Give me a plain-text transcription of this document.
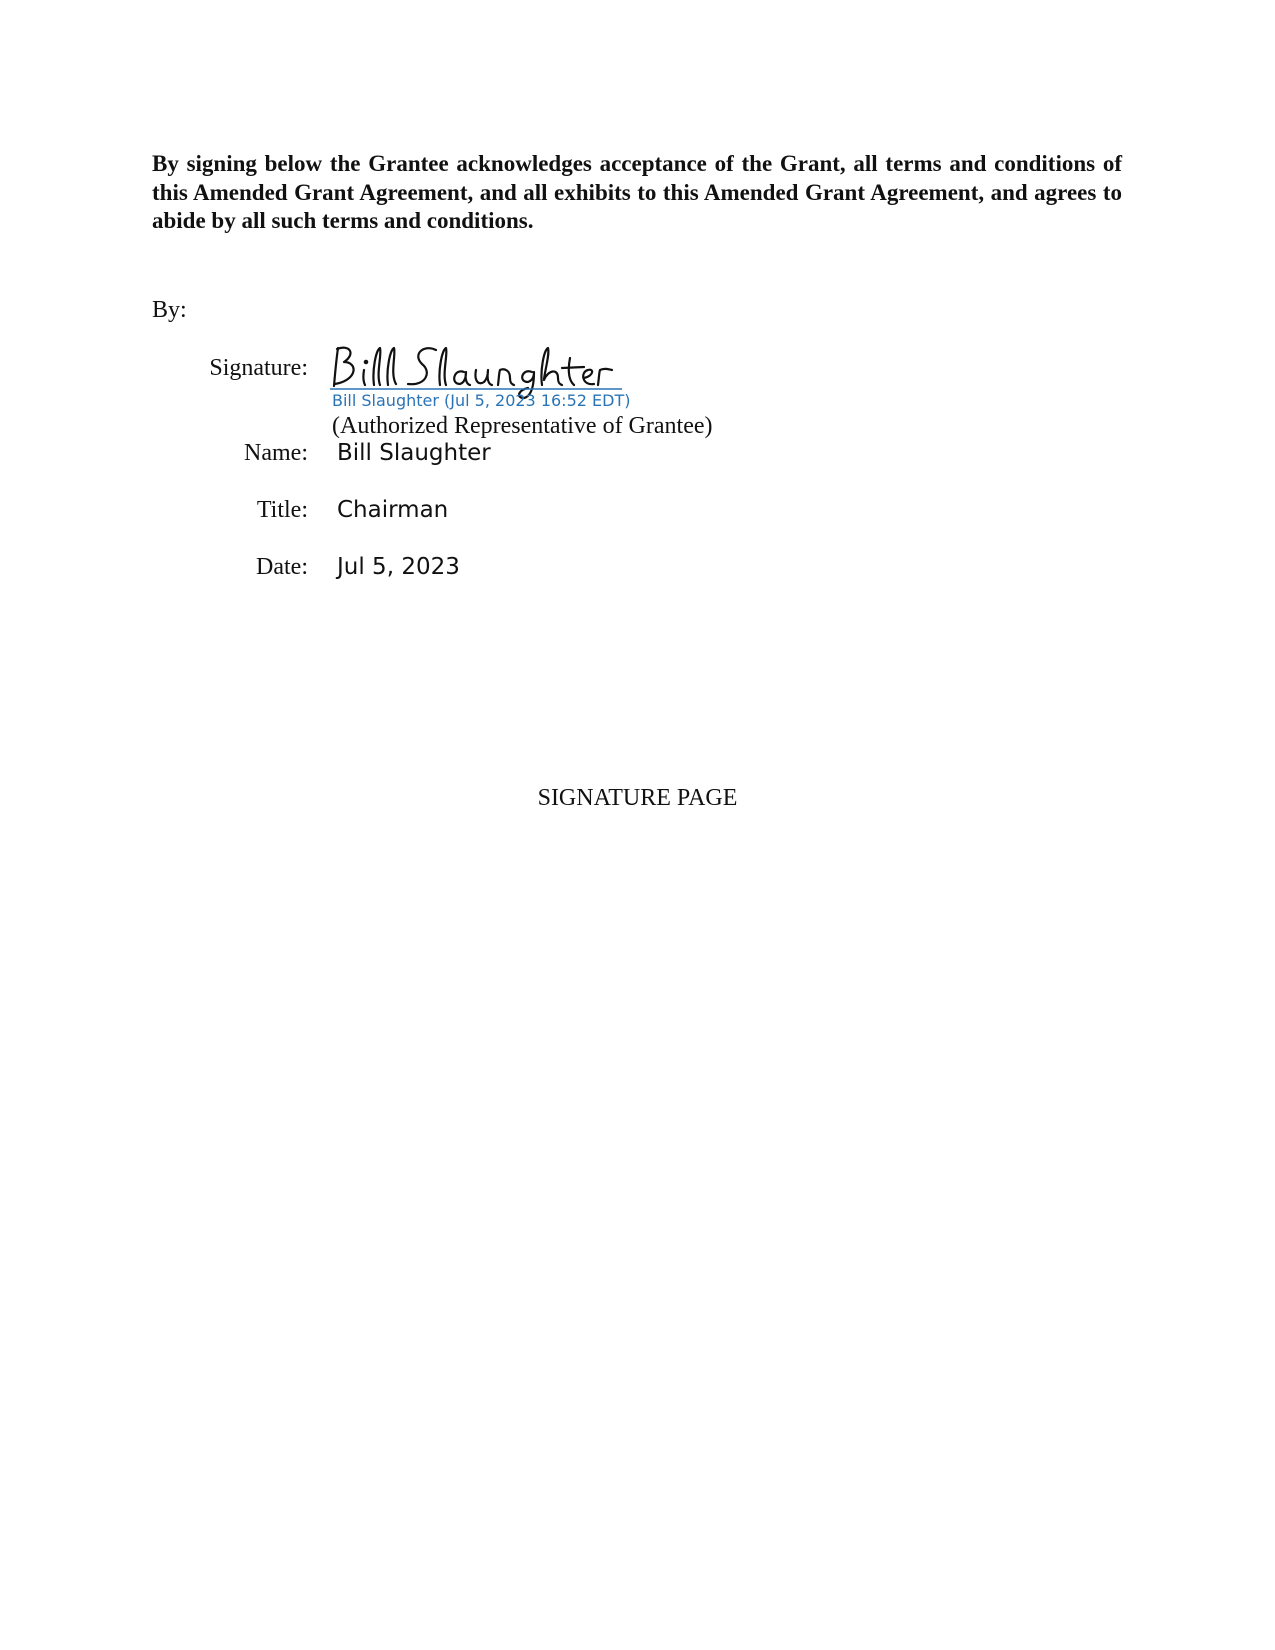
By signing below the Grantee acknowledges acceptance of the Grant, all terms and conditions of this Amended Grant Agreement, and all exhibits to this Amended Grant Agreement, and agrees to abide by all such terms and conditions.

By:
Signature:
Bill Slaughter (Jul 5, 2023 16:52 EDT)
(Authorized Representative of Grantee)
Name: Bill Slaughter
Title: Chairman
Date: Jul 5, 2023
SIGNATURE PAGE
